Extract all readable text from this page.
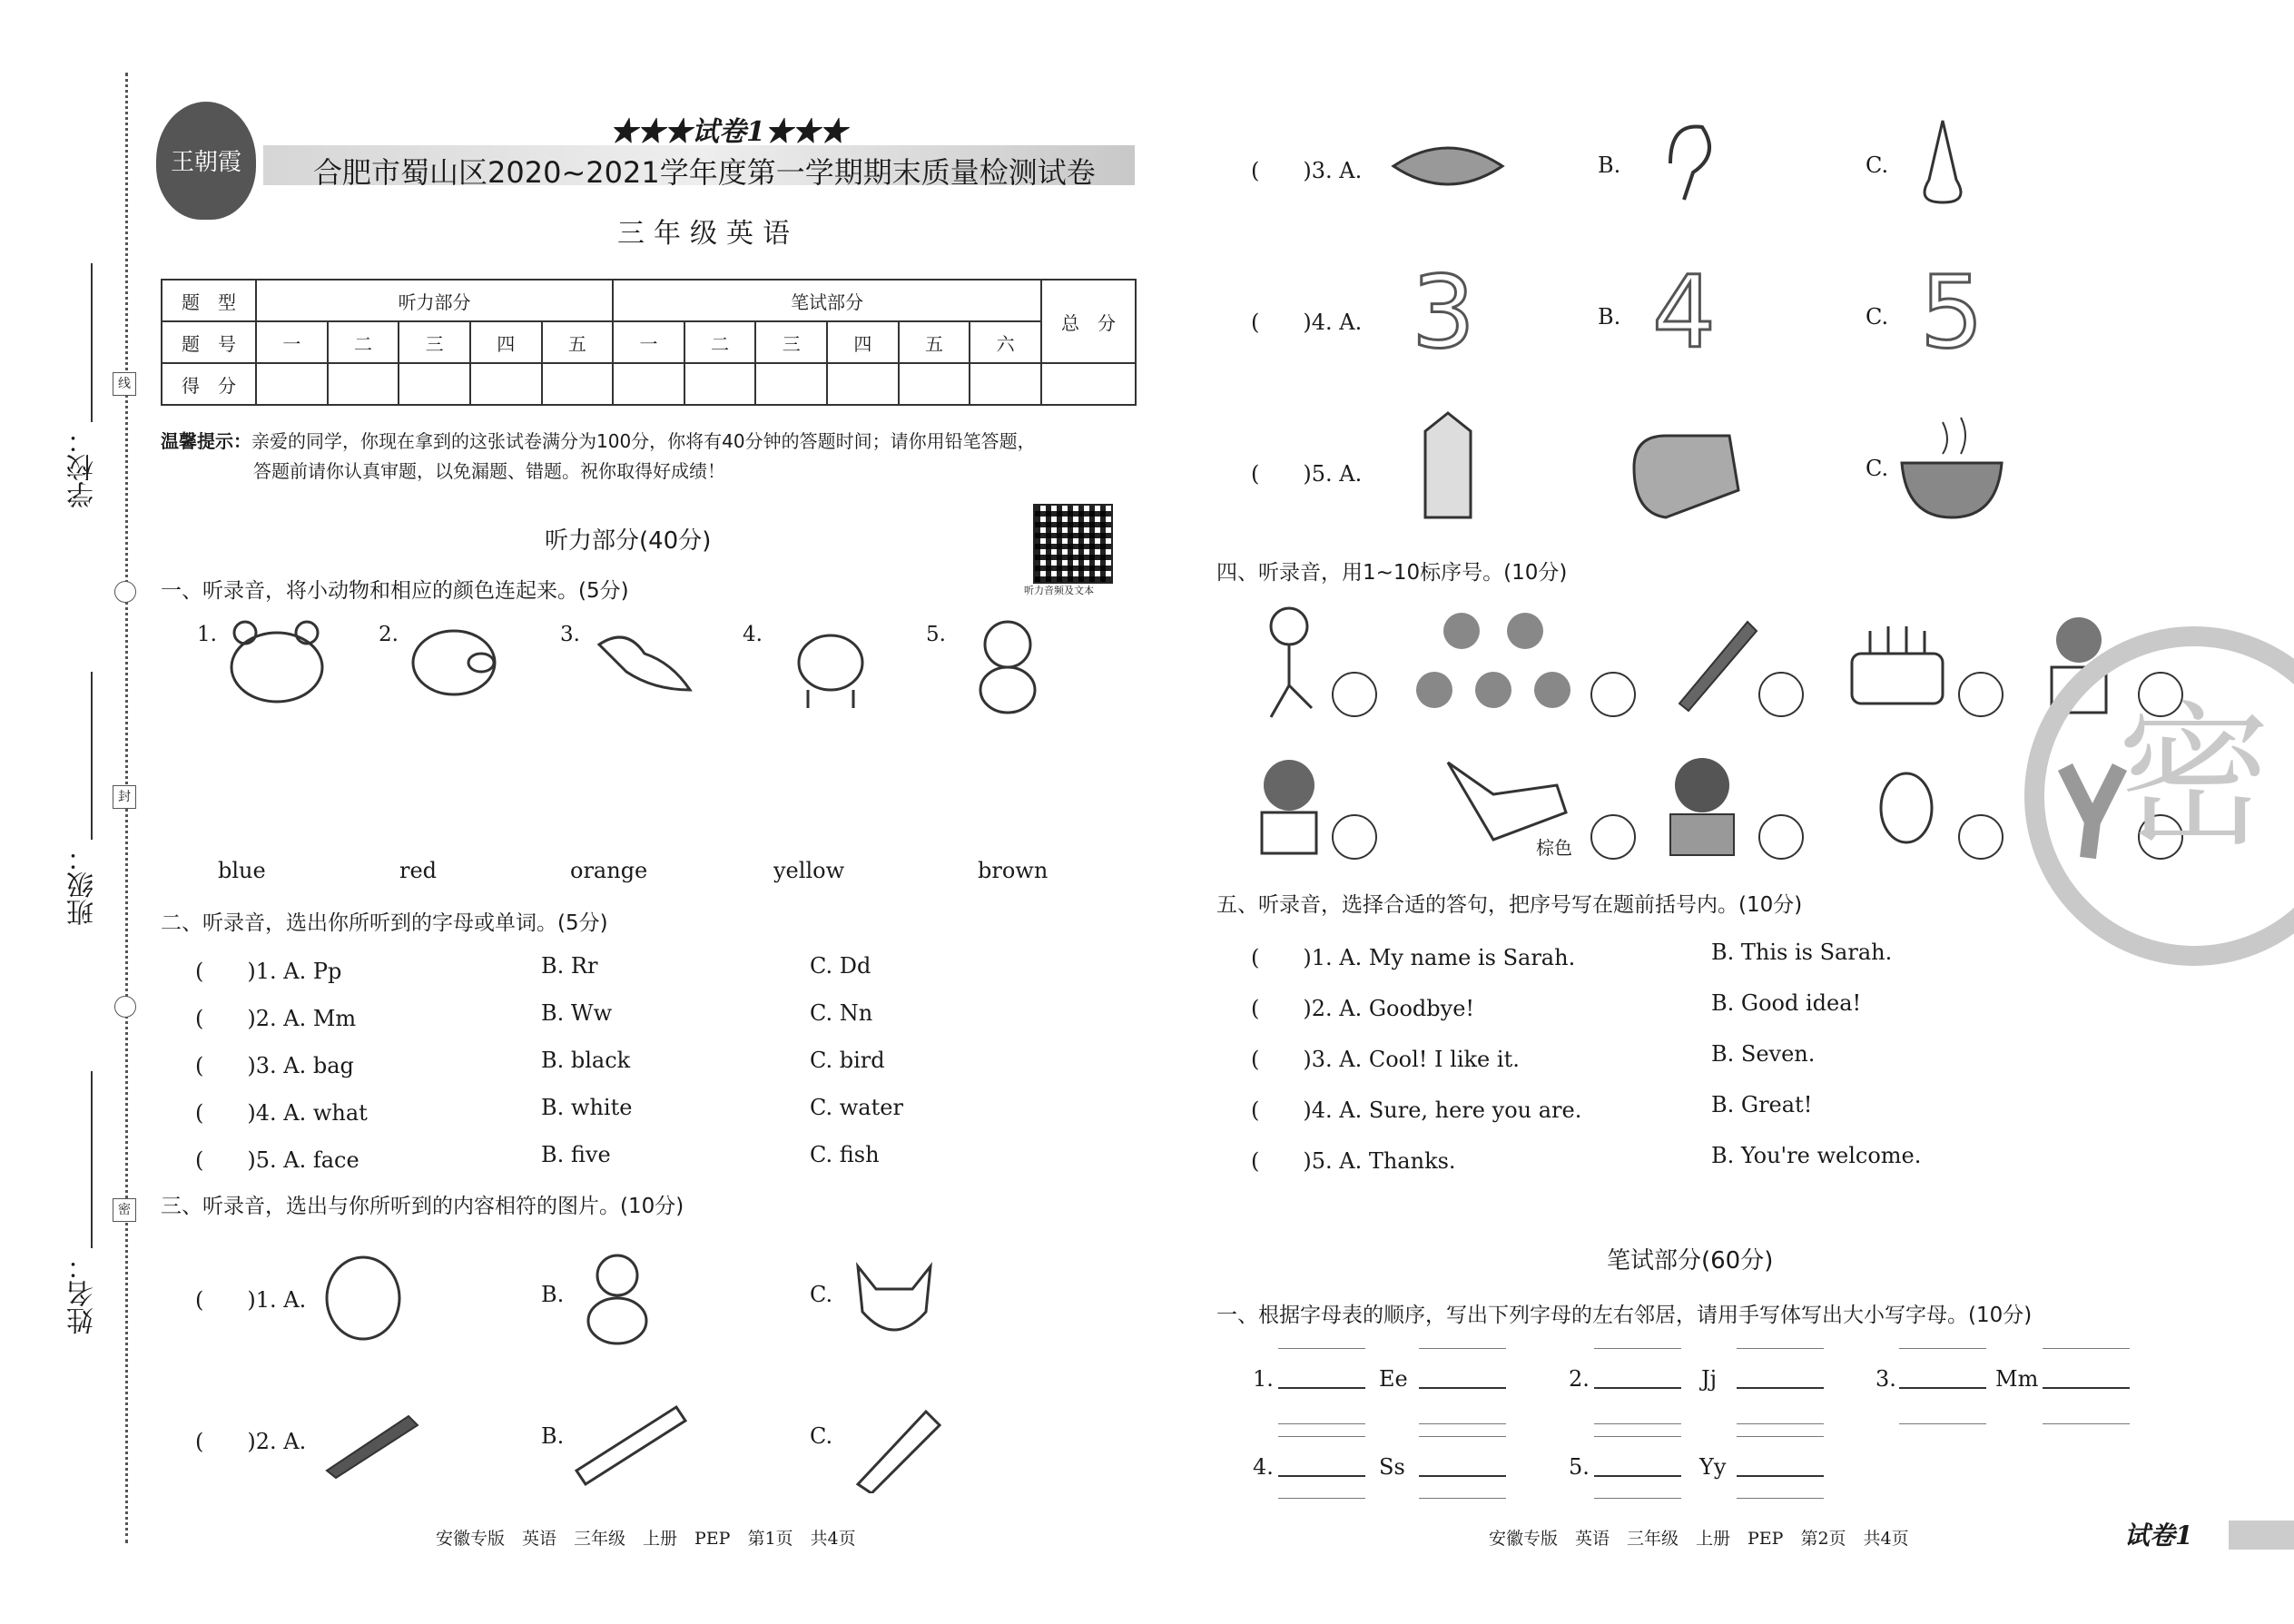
学校：
班级：
姓名：
线
封
密
王朝霞
★★★试卷1★★★
合肥市蜀山区2020~2021学年度第一学期期末质量检测试卷
三年级英语
题　型	听力部分					笔试部分						总　分
题　号	一	二	三	四	五	一	二	三	四	五	六	
得　分												
温馨提示：亲爱的同学，你现在拿到的这张试卷满分为100分，你将有40分钟的答题时间；请你用铅笔答题，
答题前请你认真审题，以免漏题、错题。祝你取得好成绩！
听力音频及文本
听力部分(40分)
一、听录音，将小动物和相应的颜色连起来。(5分)
1.	2.	3.	4.	5.
blue	red	orange	yellow	brown
二、听录音，选出你所听到的字母或单词。(5分)
(　　)1. A. Pp	B. Rr	C. Dd
(　　)2. A. Mm	B. Ww	C. Nn
(　　)3. A. bag	B. black	C. bird
(　　)4. A. what	B. white	C. water
(　　)5. A. face	B. five	C. fish
三、听录音，选出与你所听到的内容相符的图片。(10分)
(　　)1. A.	B.	C.
(　　)2. A.	B.	C.
安徽专版　英语　三年级　上册　PEP　第1页　共4页
(　　)3. A.	B.	C.
(　　)4. A. 3	B. 4	C. 5
(　　)5. A.	C.
四、听录音，用1~10标序号。(10分)
棕色
五、听录音，选择合适的答句，把序号写在题前括号内。(10分)
(　　)1. A. My name is Sarah.	B. This is Sarah.
(　　)2. A. Goodbye!	B. Good idea!
(　　)3. A. Cool! I like it.	B. Seven.
(　　)4. A. Sure, here you are.	B. Great!
(　　)5. A. Thanks.	B. You're welcome.
笔试部分(60分)
一、根据字母表的顺序，写出下列字母的左右邻居，请用手写体写出大小写字母。(10分)
1.	Ee	2.	Jj	3.	Mm
4.	Ss	5.	Yy
密
安徽专版　英语　三年级　上册　PEP　第2页　共4页	试卷1
